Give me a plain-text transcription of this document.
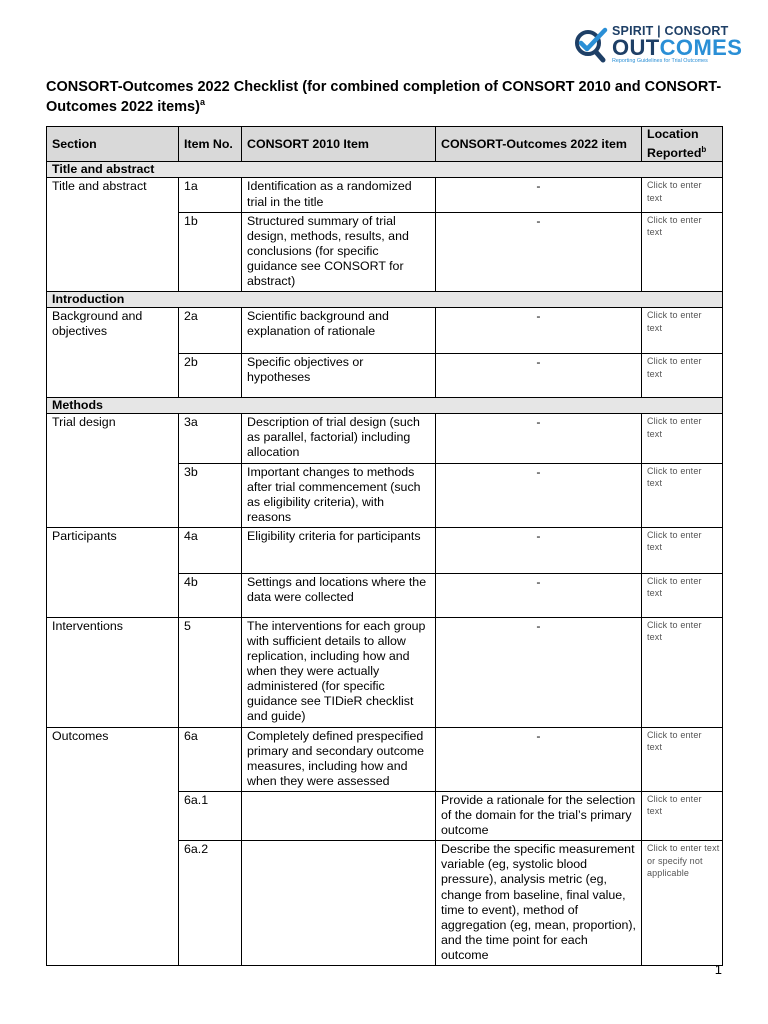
SPIRIT | CONSORT
OUTCOMES
Reporting Guidelines for Trial Outcomes
CONSORT-Outcomes 2022 Checklist (for combined completion of CONSORT 2010 and CONSORT-Outcomes 2022 items)$^a$
Section	Item No.	CONSORT 2010 Item	CONSORT-Outcomes 2022 item	Location Reported$^b$
Title and abstract				
Title and abstract	1a	Identification as a randomized trial in the title	-	Click to enter text

	1b	Structured summary of trial design, methods, results, and conclusions (for specific guidance see CONSORT for abstract)	-	Click to enter text

Introduction				
Background and objectives	2a	Scientific background and explanation of rationale	-	Click to enter text

	2b	Specific objectives or hypotheses	-	Click to enter text

Methods				
Trial design	3a	Description of trial design (such as parallel, factorial) including allocation	-	Click to enter text

	3b	Important changes to methods after trial commencement (such as eligibility criteria), with reasons	-	Click to enter text

Participants	4a	Eligibility criteria for participants	-	Click to enter text

	4b	Settings and locations where the data were collected	-	Click to enter text

Interventions	5	The interventions for each group with sufficient details to allow replication, including how and when they were actually administered (for specific guidance see TIDieR checklist and guide)	-	Click to enter text

Outcomes	6a	Completely defined prespecified primary and secondary outcome measures, including how and when they were assessed	-	Click to enter text

	6a.1		Provide a rationale for the selection of the domain for the trial’s primary outcome	Click to enter text

	6a.2		Describe the specific measurement variable (eg, systolic blood pressure), analysis metric (eg, change from baseline, final value, time to event), method of aggregation (eg, mean, proportion), and the time point for each outcome	Click to enter text or specify not applicable
1
